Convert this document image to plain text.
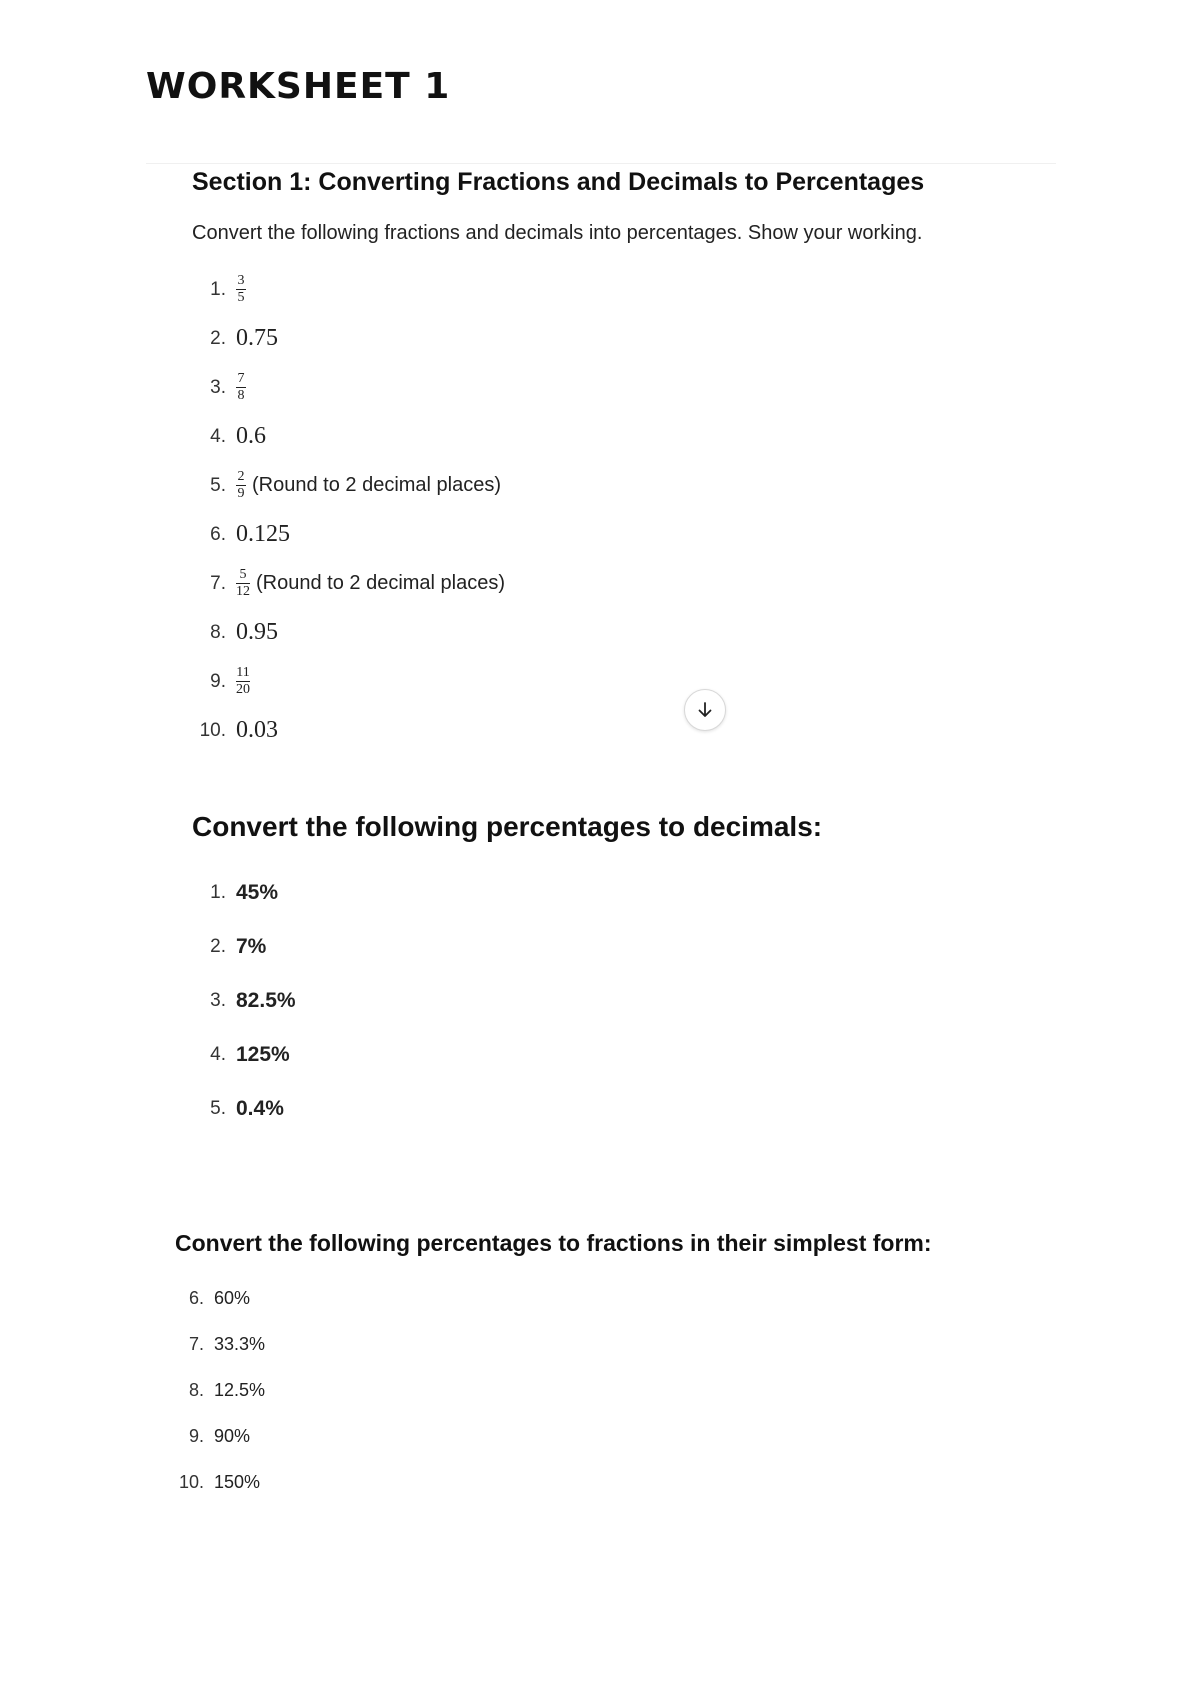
WORKSHEET 1
Section 1: Converting Fractions and Decimals to Percentages

Convert the following fractions and decimals into percentages. Show your working.

1. $\frac{3}{5}$
2. 0.75
3. $\frac{7}{8}$
4. 0.6
5. $\frac{2}{9}$ (Round to 2 decimal places)
6. 0.125
7. $\frac{5}{12}$ (Round to 2 decimal places)
8. 0.95
9. $\frac{11}{20}$
10. 0.03
Convert the following percentages to decimals:
1. 45%
2. 7%
3. 82.5%
4. 125%
5. 0.4%
Convert the following percentages to fractions in their simplest form:
6. 60%
7. 33.3%
8. 12.5%
9. 90%
10. 150%
